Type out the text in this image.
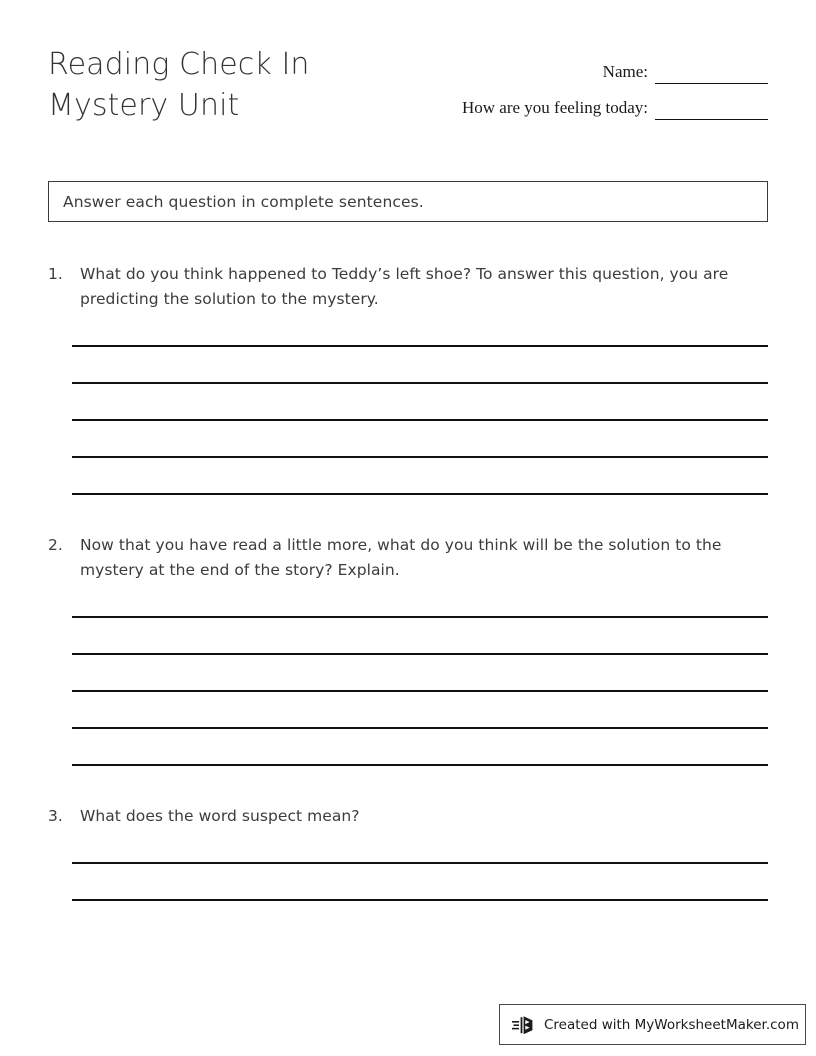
Reading Check In
Mystery Unit
Name:
How are you feeling today:
Answer each question in complete sentences.
1.	What do you think happened to Teddy’s left shoe? To answer this question, you are predicting the solution to the mystery.
2.	Now that you have read a little more, what do you think will be the solution to the mystery at the end of the story? Explain.
3.	What does the word suspect mean?
Created with MyWorksheetMaker.com
